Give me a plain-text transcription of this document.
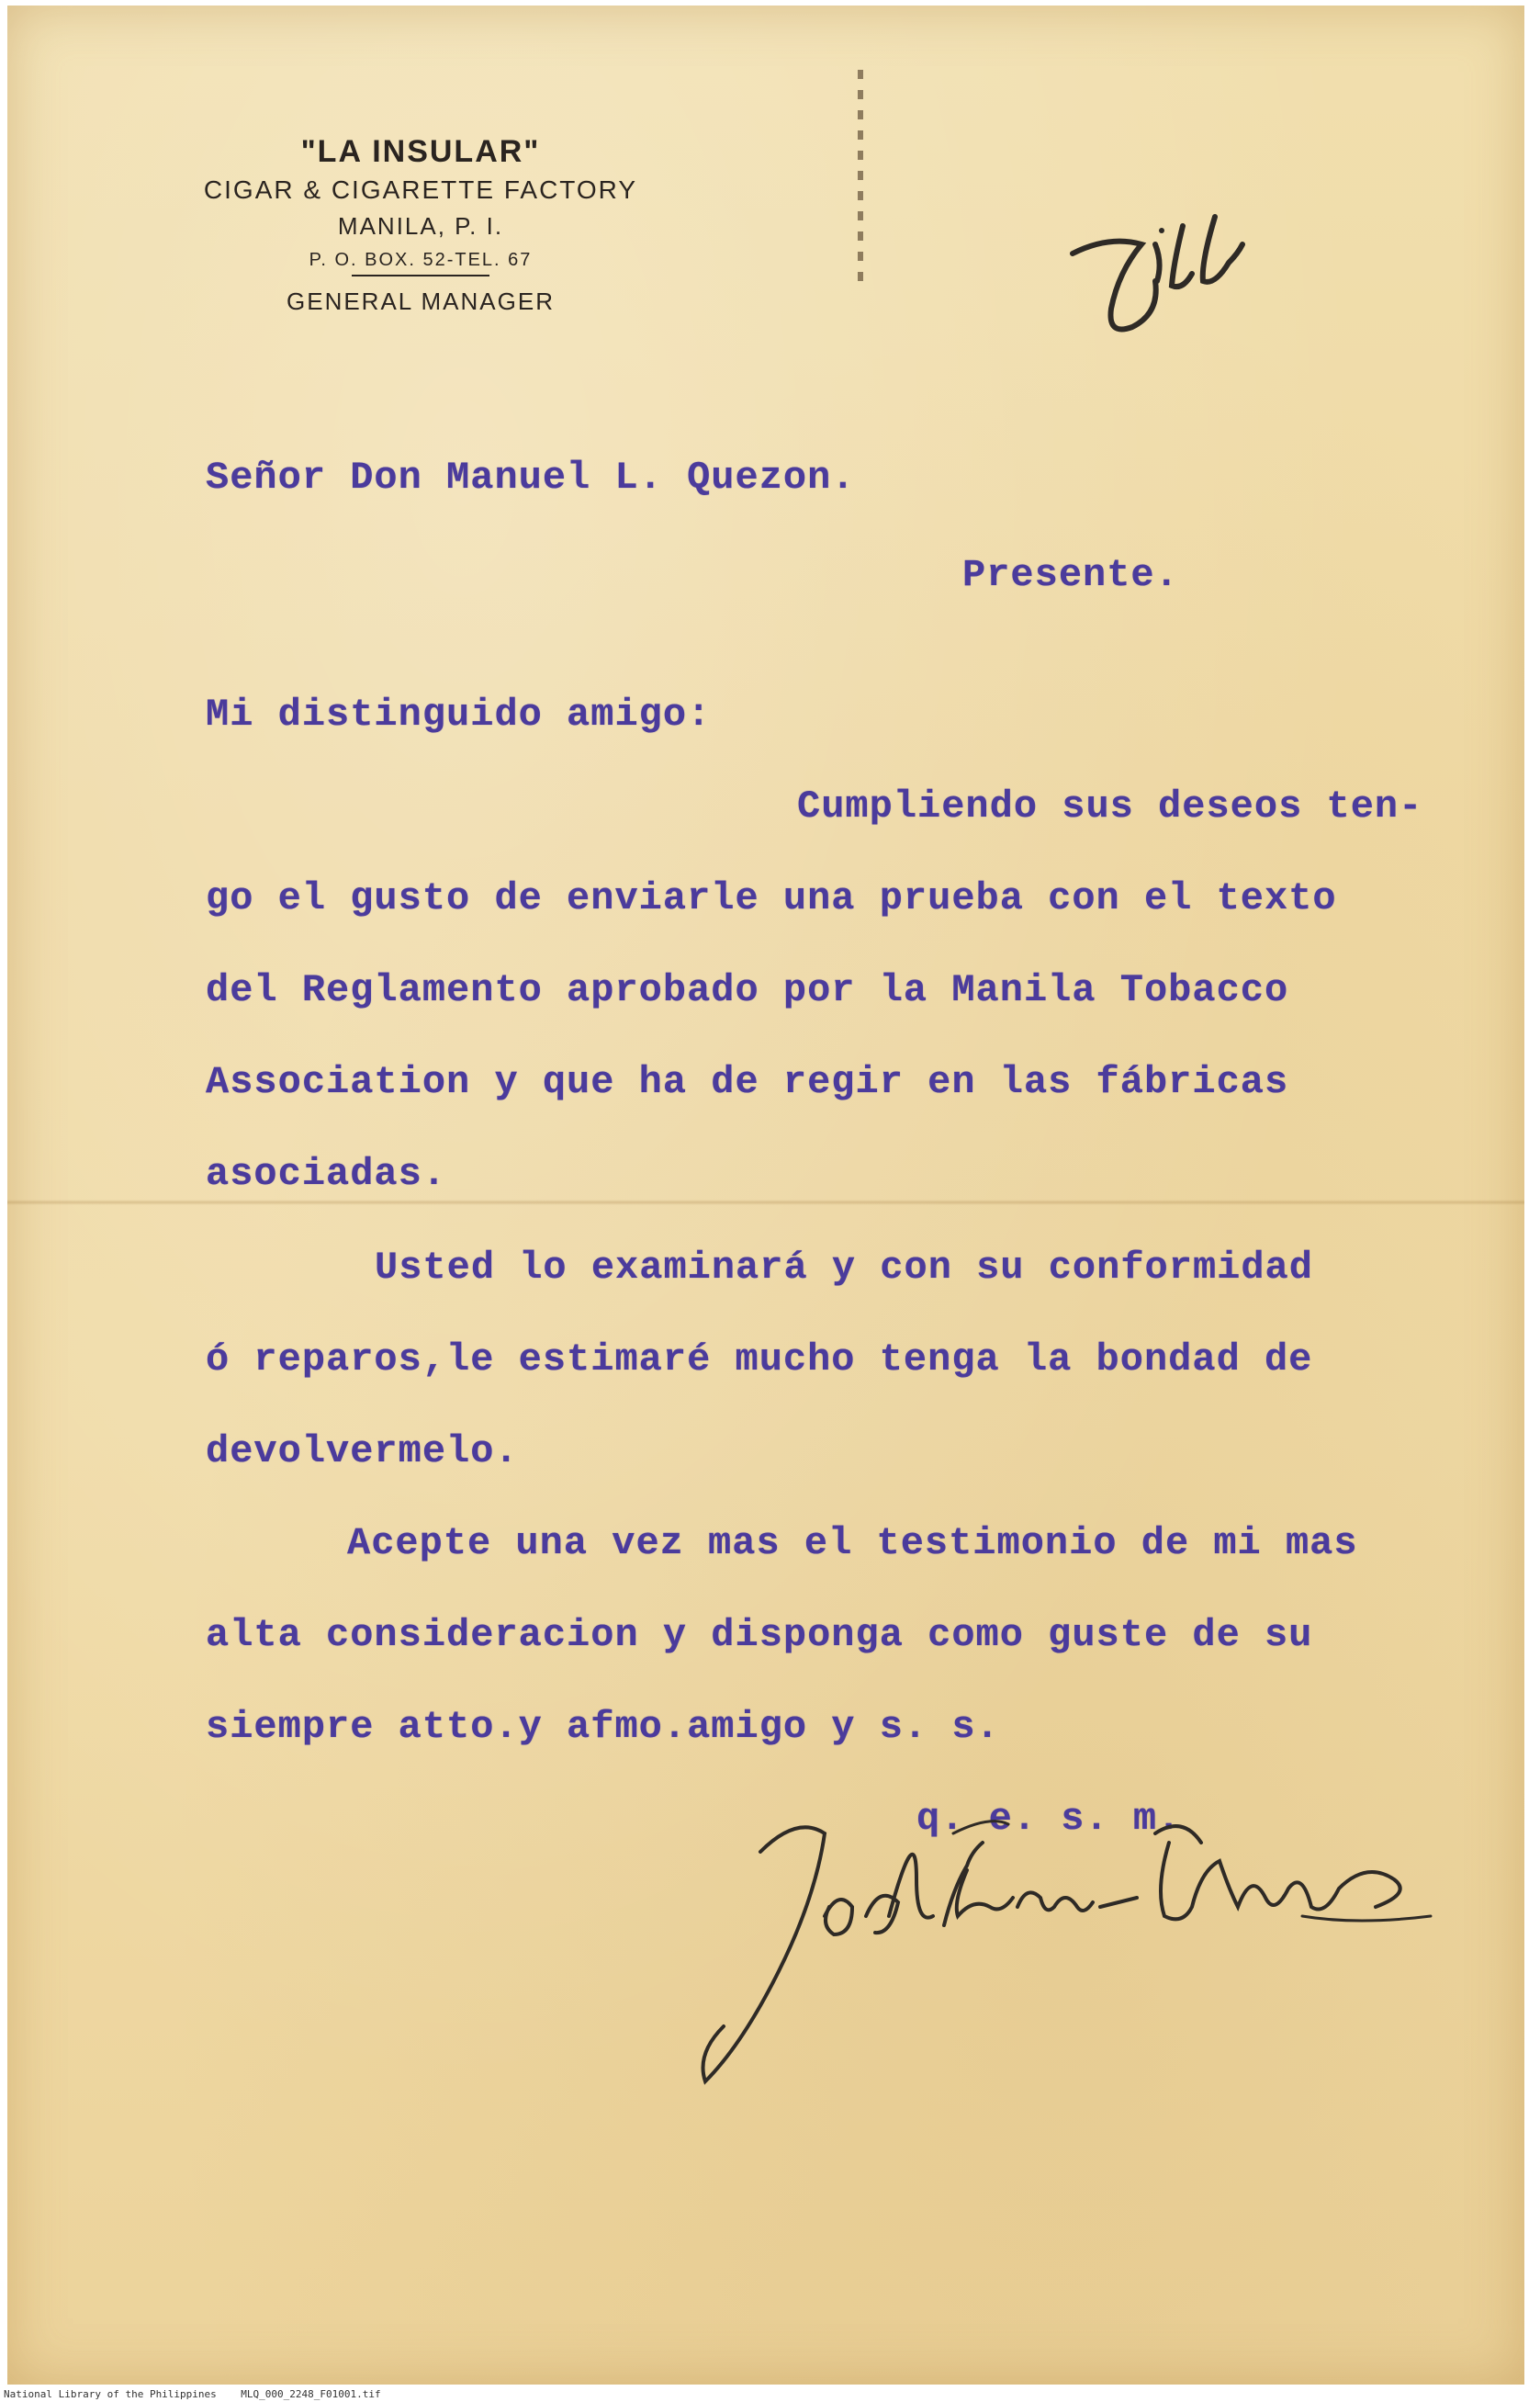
"LA INSULAR"
CIGAR & CIGARETTE FACTORY
MANILA, P. I.
P. O. BOX. 52-TEL. 67
GENERAL MANAGER
Señor Don Manuel L. Quezon.
Presente.
Mi distinguido amigo:
Cumpliendo sus deseos ten-
go el gusto de enviarle una prueba con el texto
del Reglamento aprobado por la Manila Tobacco
Association y que ha de regir en las fábricas
asociadas.
Usted lo examinará y con su conformidad
ó reparos,le estimaré mucho tenga la bondad de
devolvermelo.
Acepte una vez mas el testimonio de mi mas
alta consideracion y disponga como guste de su
siempre atto.y afmo.amigo y s. s.
q. e. s. m.
National Library of the Philippines    MLQ_000_2248_F01001.tif
